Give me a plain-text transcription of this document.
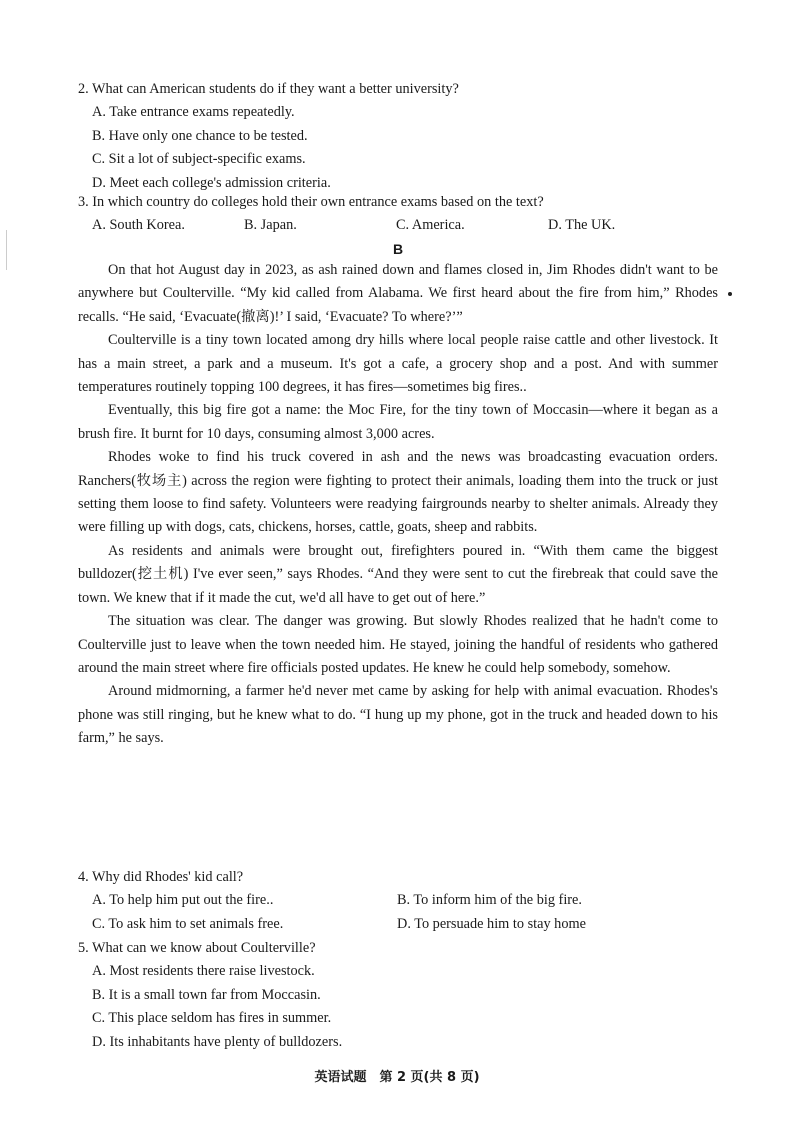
2. What can American students do if they want a better university?
A. Take entrance exams repeatedly.
B. Have only one chance to be tested.
C. Sit a lot of subject-specific exams.
D. Meet each college's admission criteria.
3. In which country do colleges hold their own entrance exams based on the text?
A. South Korea.	B. Japan.	C. America.	D. The UK.
B

On that hot August day in 2023, as ash rained down and flames closed in, Jim Rhodes didn't want to be anywhere but Coulterville. “My kid called from Alabama. We first heard about the fire from him,” Rhodes recalls. “He said, ‘Evacuate(撤离)!’ I said, ‘Evacuate? To where?’”

Coulterville is a tiny town located among dry hills where local people raise cattle and other livestock. It has a main street, a park and a museum. It's got a cafe, a grocery shop and a post. And with summer temperatures routinely topping 100 degrees, it has fires—sometimes big fires..

Eventually, this big fire got a name: the Moc Fire, for the tiny town of Moccasin—where it began as a brush fire. It burnt for 10 days, consuming almost 3,000 acres.

Rhodes woke to find his truck covered in ash and the news was broadcasting evacuation orders. Ranchers(牧场主) across the region were fighting to protect their animals, loading them into the truck or just setting them loose to find safety. Volunteers were readying fairgrounds nearby to shelter animals. Already they were filling up with dogs, cats, chickens, horses, cattle, goats, sheep and rabbits.

As residents and animals were brought out, firefighters poured in. “With them came the biggest bulldozer(挖土机) I've ever seen,” says Rhodes. “And they were sent to cut the firebreak that could save the town. We knew that if it made the cut, we'd all have to get out of here.”

The situation was clear. The danger was growing. But slowly Rhodes realized that he hadn't come to Coulterville just to leave when the town needed him. He stayed, joining the handful of residents who gathered around the main street where fire officials posted updates. He knew he could help somebody, somehow.

Around midmorning, a farmer he'd never met came by asking for help with animal evacuation. Rhodes's phone was still ringing, but he knew what to do. “I hung up my phone, got in the truck and headed down to his farm,” he says.

4. Why did Rhodes' kid call?
A. To help him put out the fire..	B. To inform him of the big fire.
C. To ask him to set animals free.	D. To persuade him to stay home
5. What can we know about Coulterville?
A. Most residents there raise livestock.
B. It is a small town far from Moccasin.
C. This place seldom has fires in summer.
D. Its inhabitants have plenty of bulldozers.
英语试题　第 2 页(共 8 页)
